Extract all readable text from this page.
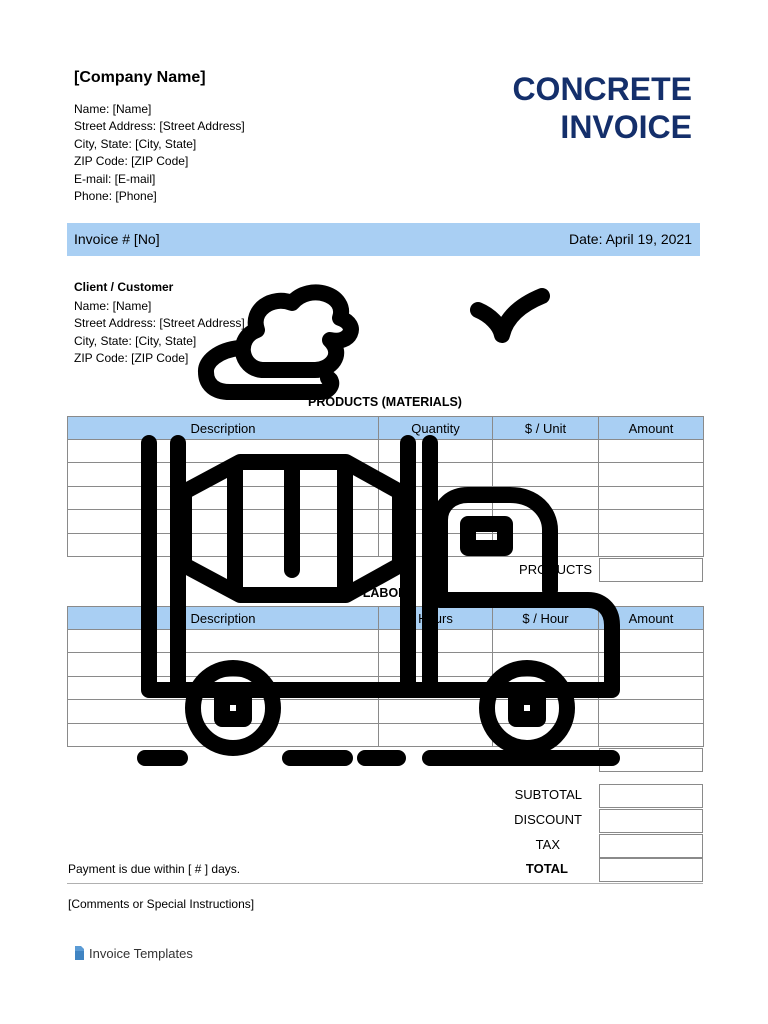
[Company Name]
Name: [Name]
Street Address: [Street Address]
City, State: [City, State]
ZIP Code: [ZIP Code]
E-mail: [E-mail]
Phone: [Phone]
CONCRETE
INVOICE
Invoice # [No]	Date: April 19, 2021
Client / Customer
Name: [Name]
Street Address: [Street Address]
City, State: [City, State]
ZIP Code: [ZIP Code]
PRODUCTS (MATERIALS)
Description	Quantity	$ / Unit	Amount

PRODUCTS
LABOR
Description	Hours	$ / Hour	Amount

SUBTOTAL
DISCOUNT
TAX
TOTAL
Payment is due within [ # ] days.
[Comments or Special Instructions]
Invoice Templates
